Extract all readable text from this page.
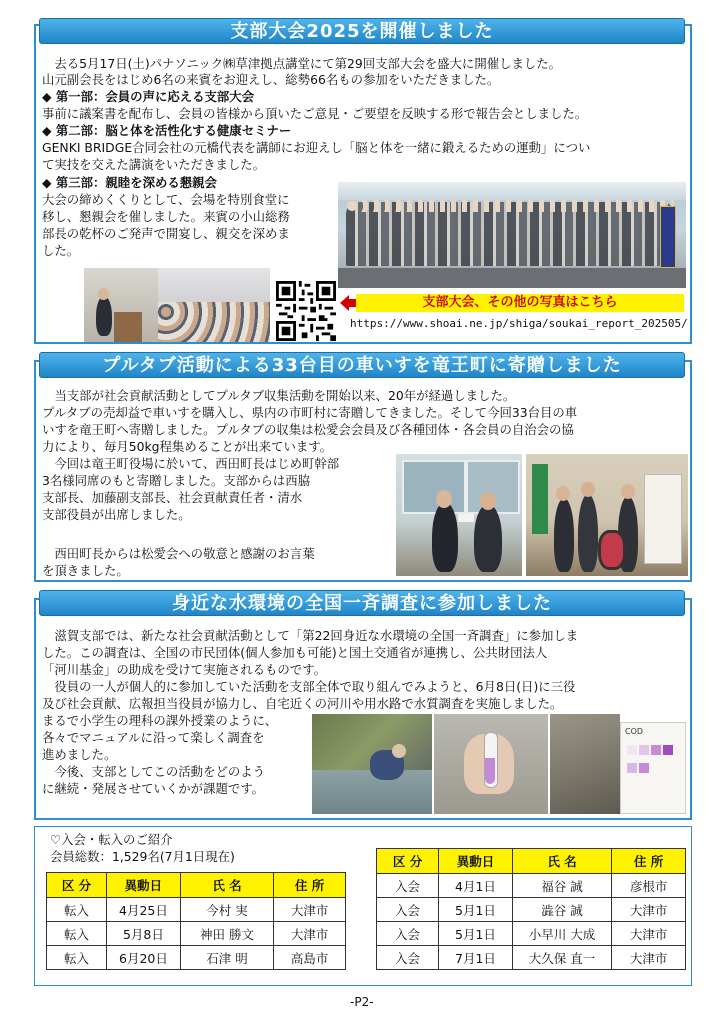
支部大会2025を開催しました

　去る5月17日(土)パナソニック㈱草津拠点講堂にて第29回支部大会を盛大に開催しました。

山元副会長をはじめ6名の来賓をお迎えし、総勢66名もの参加をいただきました。

◆ 第一部：会員の声に応える支部大会

事前に議案書を配布し、会員の皆様から頂いたご意見・ご要望を反映する形で報告会としました。

◆ 第二部：脳と体を活性化する健康セミナー

GENKI BRIDGE合同会社の元橋代表を講師にお迎えし「脳と体を一緒に鍛えるための運動」につい

て実技を交えた講演をいただきました。

◆ 第三部：親睦を深める懇親会

大会の締めくくりとして、会場を特別食堂に

移し、懇親会を催しました。来賓の小山総務

部長の乾杯のご発声で開宴し、親交を深めま

した。

支部大会、その他の写真はこちら

https://www.shoai.ne.jp/shiga/soukai_report_202505/

プルタブ活動による33台目の車いすを竜王町に寄贈しました

　当支部が社会貢献活動としてプルタブ収集活動を開始以来、20年が経過しました。

プルタブの売却益で車いすを購入し、県内の市町村に寄贈してきました。そして今回33台目の車

いすを竜王町へ寄贈しました。プルタブの収集は松愛会会員及び各種団体・各会員の自治会の協

力により、毎月50kg程集めることが出来ています。

　今回は竜王町役場に於いて、西田町長はじめ町幹部

3名様同席のもと寄贈しました。支部からは西脇

支部長、加藤副支部長、社会貢献責任者・清水

支部役員が出席しました。

　西田町長からは松愛会への敬意と感謝のお言葉

を頂きました。

身近な水環境の全国一斉調査に参加しました

　滋賀支部では、新たな社会貢献活動として「第22回身近な水環境の全国一斉調査」に参加しま

した。この調査は、全国の市民団体(個人参加も可能)と国土交通省が連携し、公共財団法人

「河川基金」の助成を受けて実施されるものです。

　役員の一人が個人的に参加していた活動を支部全体で取り組んでみようと、6月8日(日)に三役

及び社会貢献、広報担当役員が協力し、自宅近くの河川や用水路で水質調査を実施しました。

まるで小学生の理科の課外授業のように、

各々でマニュアルに沿って楽しく調査を

進めました。

　今後、支部としてこの活動をどのよう

に継続・発展させていくかが課題です。

COD

♡入会・転入のご紹介

会員総数：1,529名(7月1日現在)

区 分	異動日	氏 名	住 所
転入	4月25日	今村 実	大津市
転入	5月8日	神田 勝文	大津市
転入	6月20日	石津 明	高島市
区 分	異動日	氏 名	住 所
入会	4月1日	福谷 誠	彦根市
入会	5月1日	澁谷 誠	大津市
入会	5月1日	小早川 大成	大津市
入会	7月1日	大久保 直一	大津市

-P2-
